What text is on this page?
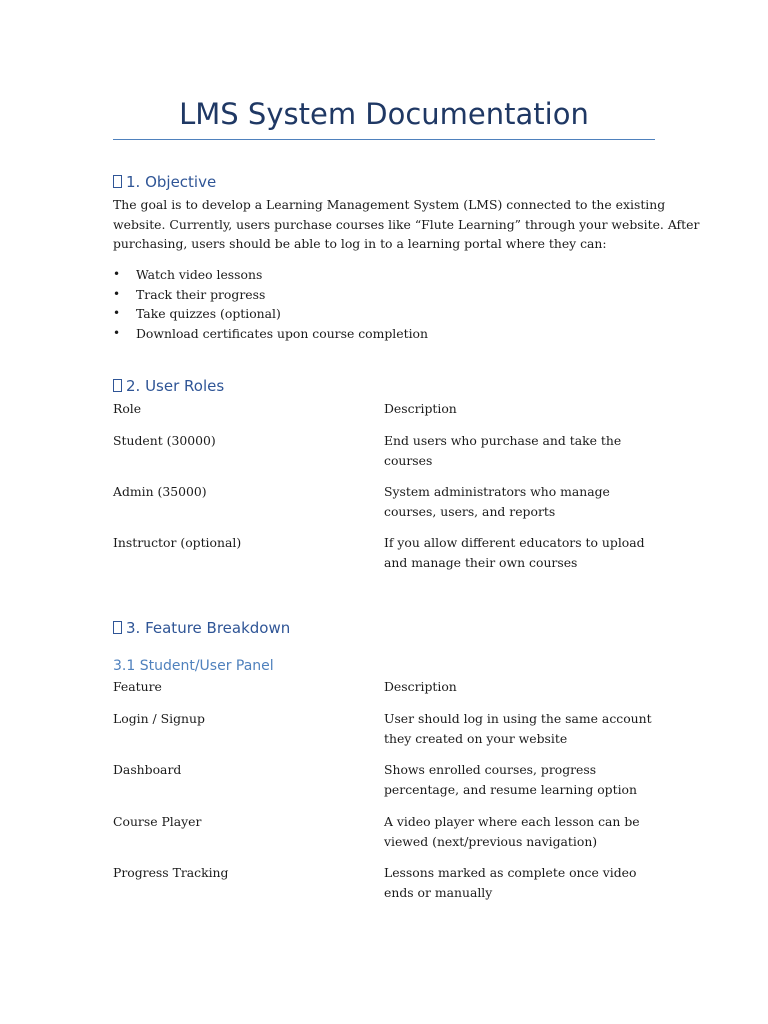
LMS System Documentation
1. Objective
The goal is to develop a Learning Management System (LMS) connected to the existing
website. Currently, users purchase courses like “Flute Learning” through your website. After
purchasing, users should be able to log in to a learning portal where they can:
• Watch video lessons
• Track their progress
• Take quizzes (optional)
• Download certificates upon course completion
2. User Roles
Role	Description
Student (30000)	End users who purchase and take the
courses
Admin (35000)	System administrators who manage
courses, users, and reports
Instructor (optional)	If you allow different educators to upload
and manage their own courses
3. Feature Breakdown
3.1 Student/User Panel
Feature	Description
Login / Signup	User should log in using the same account
they created on your website
Dashboard	Shows enrolled courses, progress
percentage, and resume learning option
Course Player	A video player where each lesson can be
viewed (next/previous navigation)
Progress Tracking	Lessons marked as complete once video
ends or manually
